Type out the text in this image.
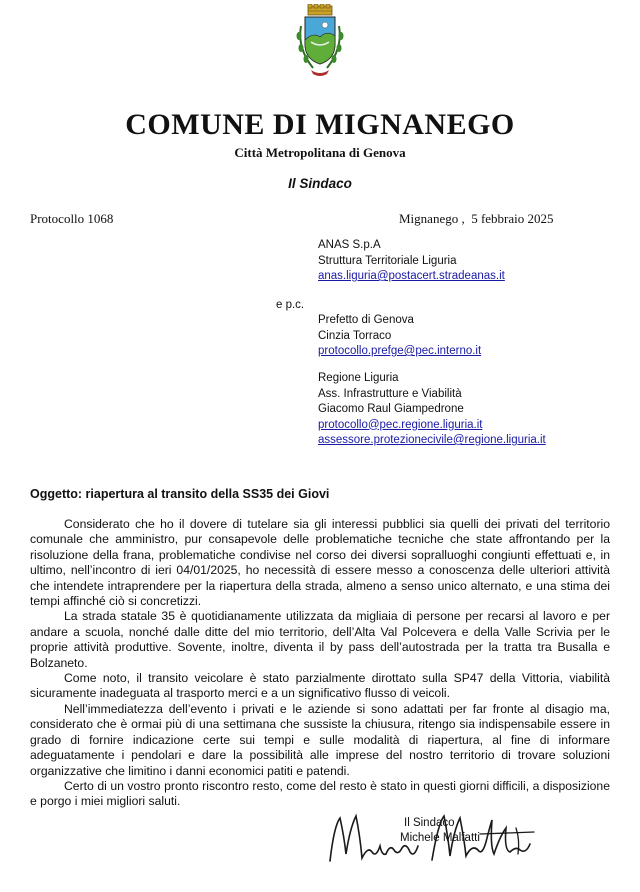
COMUNE DI MIGNANEGO
Città Metropolitana di Genova
Il Sindaco
Protocollo 1068	Mignanego ,  5 febbraio 2025
ANAS S.p.A
Struttura Territoriale Liguria
anas.liguria@postacert.stradeanas.it
e p.c.
Prefetto di Genova
Cinzia Torraco
protocollo.prefge@pec.interno.it
Regione Liguria
Ass. Infrastrutture e Viabilità
Giacomo Raul Giampedrone
protocollo@pec.regione.liguria.it
assessore.protezionecivile@regione.liguria.it
Oggetto: riapertura al transito della SS35 dei Giovi

Considerato che ho il dovere di tutelare sia gli interessi pubblici sia quelli dei privati del territorio comunale che amministro, pur consapevole delle problematiche tecniche che state affrontando per la risoluzione della frana, problematiche condivise nel corso dei diversi sopralluoghi congiunti effettuati e, in ultimo, nell’incontro di ieri 04/01/2025, ho necessità di essere messo a conoscenza delle ulteriori attività che intendete intraprendere per la riapertura della strada, almeno a senso unico alternato, e una stima dei tempi affinché ciò si concretizzi.

La strada statale 35 è quotidianamente utilizzata da migliaia di persone per recarsi al lavoro e per andare a scuola, nonché dalle ditte del mio territorio, dell’Alta Val Polcevera e della Valle Scrivia per le proprie attività produttive. Sovente, inoltre, diventa il by pass dell’autostrada per la tratta tra Busalla e Bolzaneto.

Come noto, il transito veicolare è stato parzialmente dirottato sulla SP47 della Vittoria, viabilità sicuramente inadeguata al trasporto merci e a un significativo flusso di veicoli.

Nell’immediatezza dell’evento i privati e le aziende si sono adattati per far fronte al disagio ma, considerato che è ormai più di una settimana che sussiste la chiusura, ritengo sia indispensabile essere in grado di fornire indicazione certe sui tempi e sulle modalità di riapertura, al fine di informare adeguatamente i pendolari e dare la possibilità alle imprese del nostro territorio di trovare soluzioni organizzative che limitino i danni economici patiti e patendi.

Certo di un vostro pronto riscontro resto, come del resto è stato in questi giorni difficili, a disposizione e porgo i miei migliori saluti.

Il Sindaco
Michele Malfatti
